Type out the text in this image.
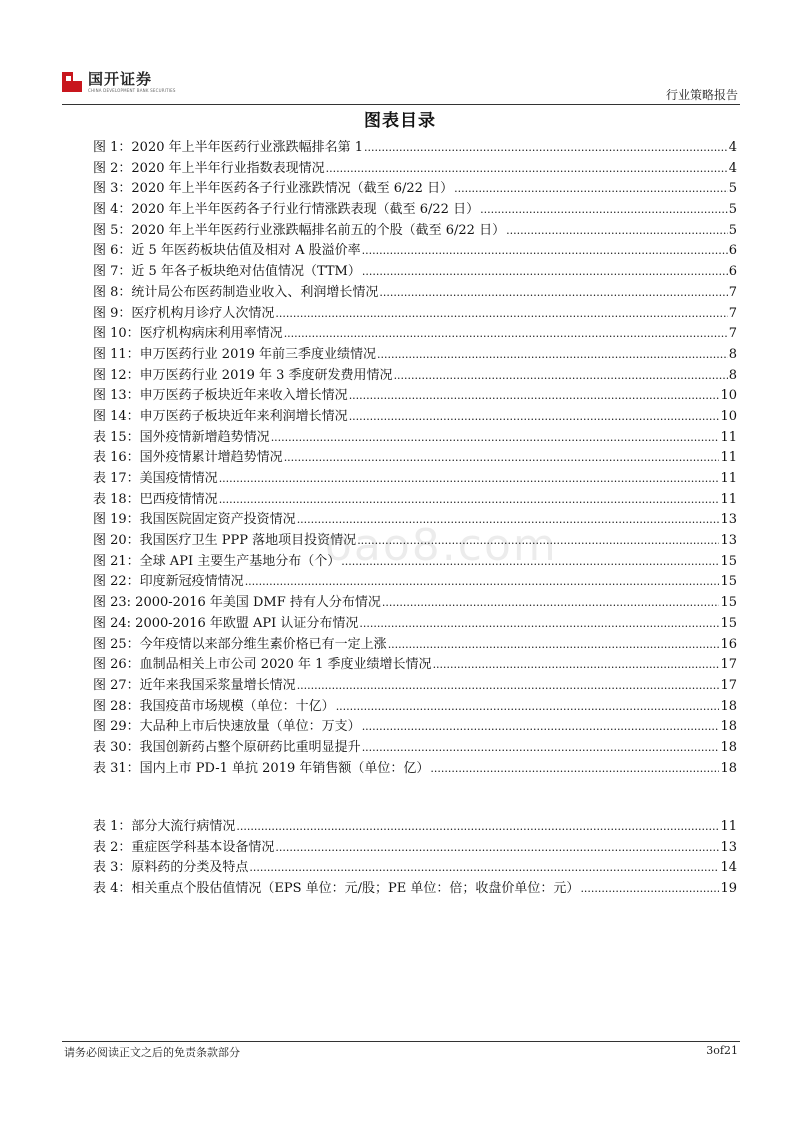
国开证券
CHINA DEVELOPMENT BANK SECURITIES	行业策略报告
图表目录
oao8.com
图 1：2020 年上半年医药行业涨跌幅排名第 1 .....	4
图 2：2020 年上半年行业指数表现情况 .....	4
图 3：2020 年上半年医药各子行业涨跌情况（截至 6/22 日） .....	5
图 4：2020 年上半年医药各子行业行情涨跌表现（截至 6/22 日） .....	5
图 5：2020 年上半年医药行业涨跌幅排名前五的个股（截至 6/22 日） .....	5
图 6：近 5 年医药板块估值及相对 A 股溢价率 .....	6
图 7：近 5 年各子板块绝对估值情况（TTM） .....	6
图 8：统计局公布医药制造业收入、利润增长情况 .....	7
图 9：医疗机构月诊疗人次情况 .....	7
图 10：医疗机构病床利用率情况 .....	7
图 11：申万医药行业 2019 年前三季度业绩情况 .....	8
图 12：申万医药行业 2019 年 3 季度研发费用情况 .....	8
图 13：申万医药子板块近年来收入增长情况 .....	10
图 14：申万医药子板块近年来利润增长情况 .....	10
表 15：国外疫情新增趋势情况 .....	11
表 16：国外疫情累计增趋势情况 .....	11
表 17：美国疫情情况 .....	11
表 18：巴西疫情情况 .....	11
图 19：我国医院固定资产投资情况 .....	13
图 20：我国医疗卫生 PPP 落地项目投资情况 .....	13
图 21：全球 API 主要生产基地分布（个） .....	15
图 22：印度新冠疫情情况 .....	15
图 23: 2000-2016 年美国 DMF 持有人分布情况 .....	15
图 24: 2000-2016 年欧盟 API 认证分布情况 .....	15
图 25：今年疫情以来部分维生素价格已有一定上涨 .....	16
图 26：血制品相关上市公司 2020 年 1 季度业绩增长情况 .....	17
图 27：近年来我国采浆量增长情况 .....	17
图 28：我国疫苗市场规模（单位：十亿） .....	18
图 29：大品种上市后快速放量（单位：万支） .....	18
表 30：我国创新药占整个原研药比重明显提升 .....	18
表 31：国内上市 PD-1 单抗 2019 年销售额（单位：亿） .....	18
表 1：部分大流行病情况 .....	11
表 2：重症医学科基本设备情况 .....	13
表 3：原料药的分类及特点 .....	14
表 4：相关重点个股估值情况（EPS 单位：元/股；PE 单位：倍；收盘价单位：元） .....	19
请务必阅读正文之后的免责条款部分	3of21
